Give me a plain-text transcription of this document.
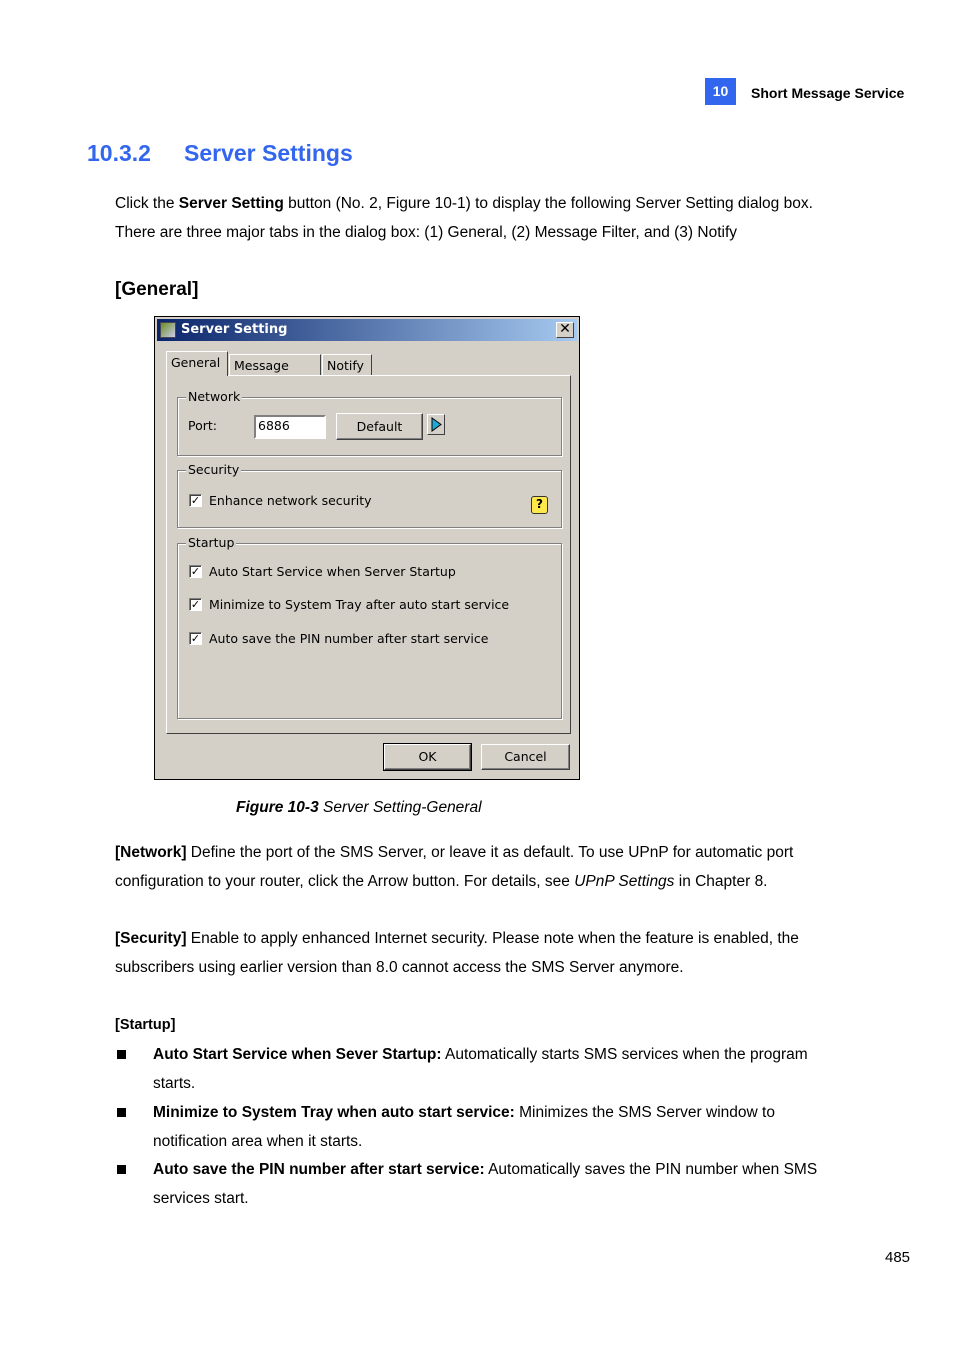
10	Short Message Service
10.3.2 Server Settings
Click the Server Setting button (No. 2, Figure 10-1) to display the following Server Setting dialog box.
There are three major tabs in the dialog box: (1) General, (2) Message Filter, and (3) Notify
[General]
Server Setting	✕
General	Message	Notify
Network
Port:	6886	Default
Security
✓ Enhance network security	?
Startup
✓ Auto Start Service when Server Startup
✓ Minimize to System Tray after auto start service
✓ Auto save the PIN number after start service
OK	Cancel
Figure 10-3 Server Setting-General
[Network] Define the port of the SMS Server, or leave it as default. To use UPnP for automatic port
configuration to your router, click the Arrow button. For details, see UPnP Settings in Chapter 8.
[Security] Enable to apply enhanced Internet security. Please note when the feature is enabled, the
subscribers using earlier version than 8.0 cannot access the SMS Server anymore.
[Startup]
Auto Start Service when Sever Startup: Automatically starts SMS services when the program
starts.
Minimize to System Tray when auto start service: Minimizes the SMS Server window to
notification area when it starts.
Auto save the PIN number after start service: Automatically saves the PIN number when SMS
services start.
485
